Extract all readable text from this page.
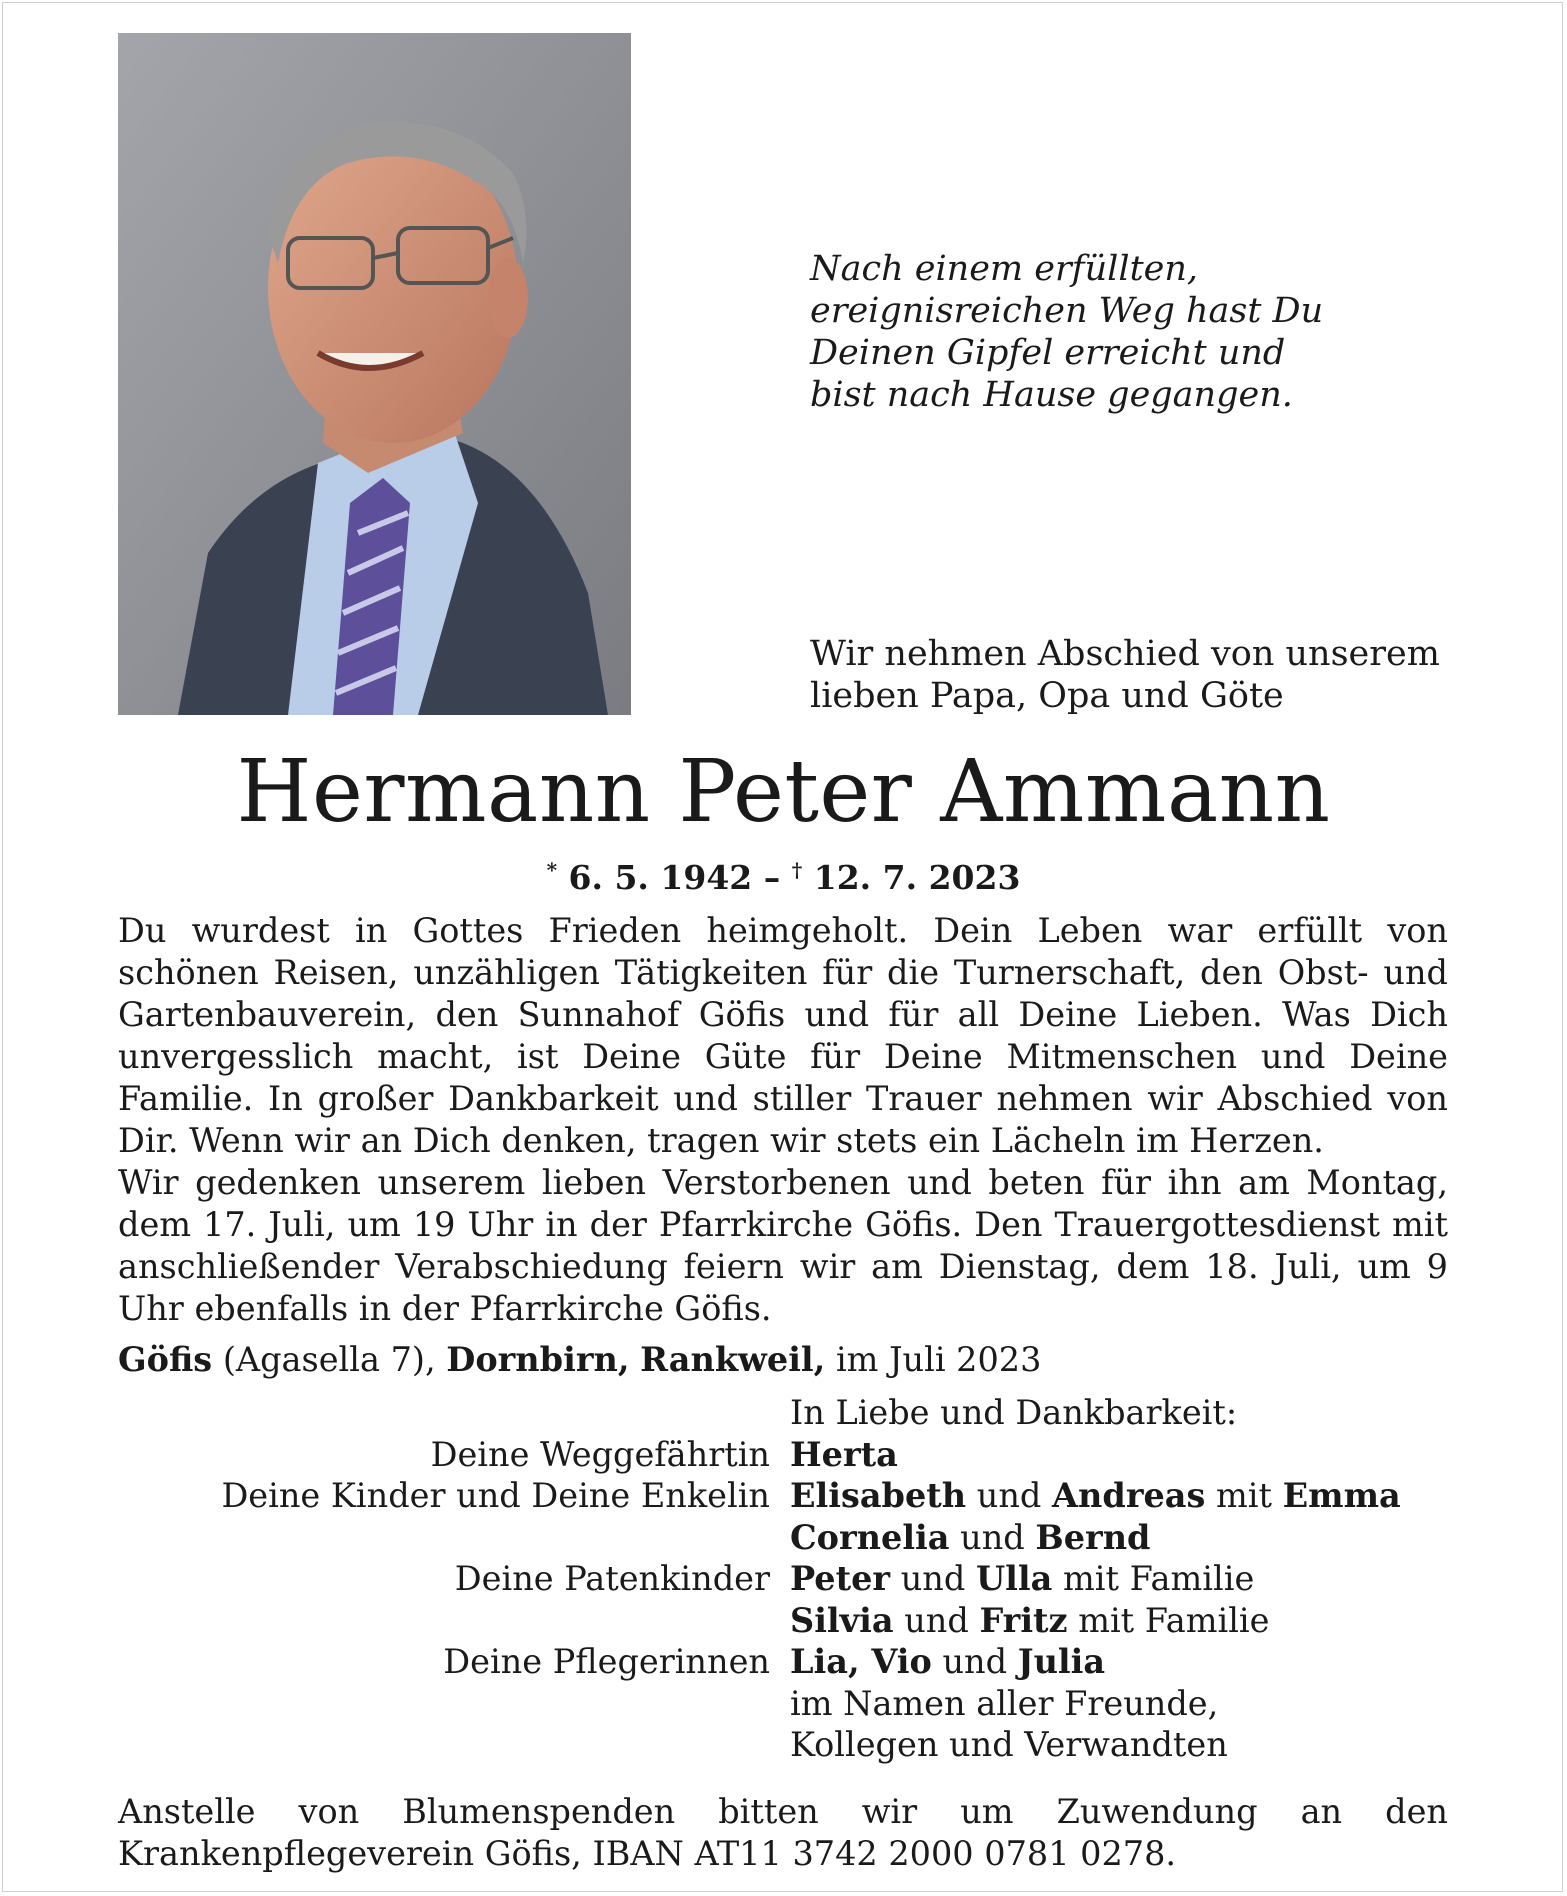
Nach einem erfüllten,
ereignisreichen Weg hast Du
Deinen Gipfel erreicht und
bist nach Hause gegangen.
Wir nehmen Abschied von unserem
lieben Papa, Opa und Göte
Hermann Peter Ammann
* 6. 5. 1942 – † 12. 7. 2023

Du wurdest in Gottes Frieden heimgeholt. Dein Leben war erfüllt von schönen Reisen, unzähligen Tätigkeiten für die Turnerschaft, den Obst- und Gartenbauverein, den Sunnahof Göfis und für all Deine Lieben. Was Dich unvergesslich macht, ist Deine Güte für Deine Mitmenschen und Deine Familie. In großer Dankbarkeit und stiller Trauer nehmen wir Abschied von Dir. Wenn wir an Dich denken, tragen wir stets ein Lächeln im Herzen.

Wir gedenken unserem lieben Verstorbenen und beten für ihn am Montag, dem 17. Juli, um 19 Uhr in der Pfarrkirche Göfis. Den Trauergottesdienst mit anschließender Verabschiedung feiern wir am Dienstag, dem 18. Juli, um 9 Uhr ebenfalls in der Pfarrkirche Göfis.

Göfis (Agasella 7), Dornbirn, Rankweil, im Juli 2023
In Liebe und Dankbarkeit:
Deine Weggefährtin Herta
Deine Kinder und Deine Enkelin Elisabeth und Andreas mit Emma
Cornelia und Bernd
Deine Patenkinder Peter und Ulla mit Familie
Silvia und Fritz mit Familie
Deine Pflegerinnen Lia, Vio und Julia
im Namen aller Freunde,
Kollegen und Verwandten
Anstelle von Blumenspenden bitten wir um Zuwendung an den Krankenpflegeverein Göfis, IBAN AT11 3742 2000 0781 0278.
